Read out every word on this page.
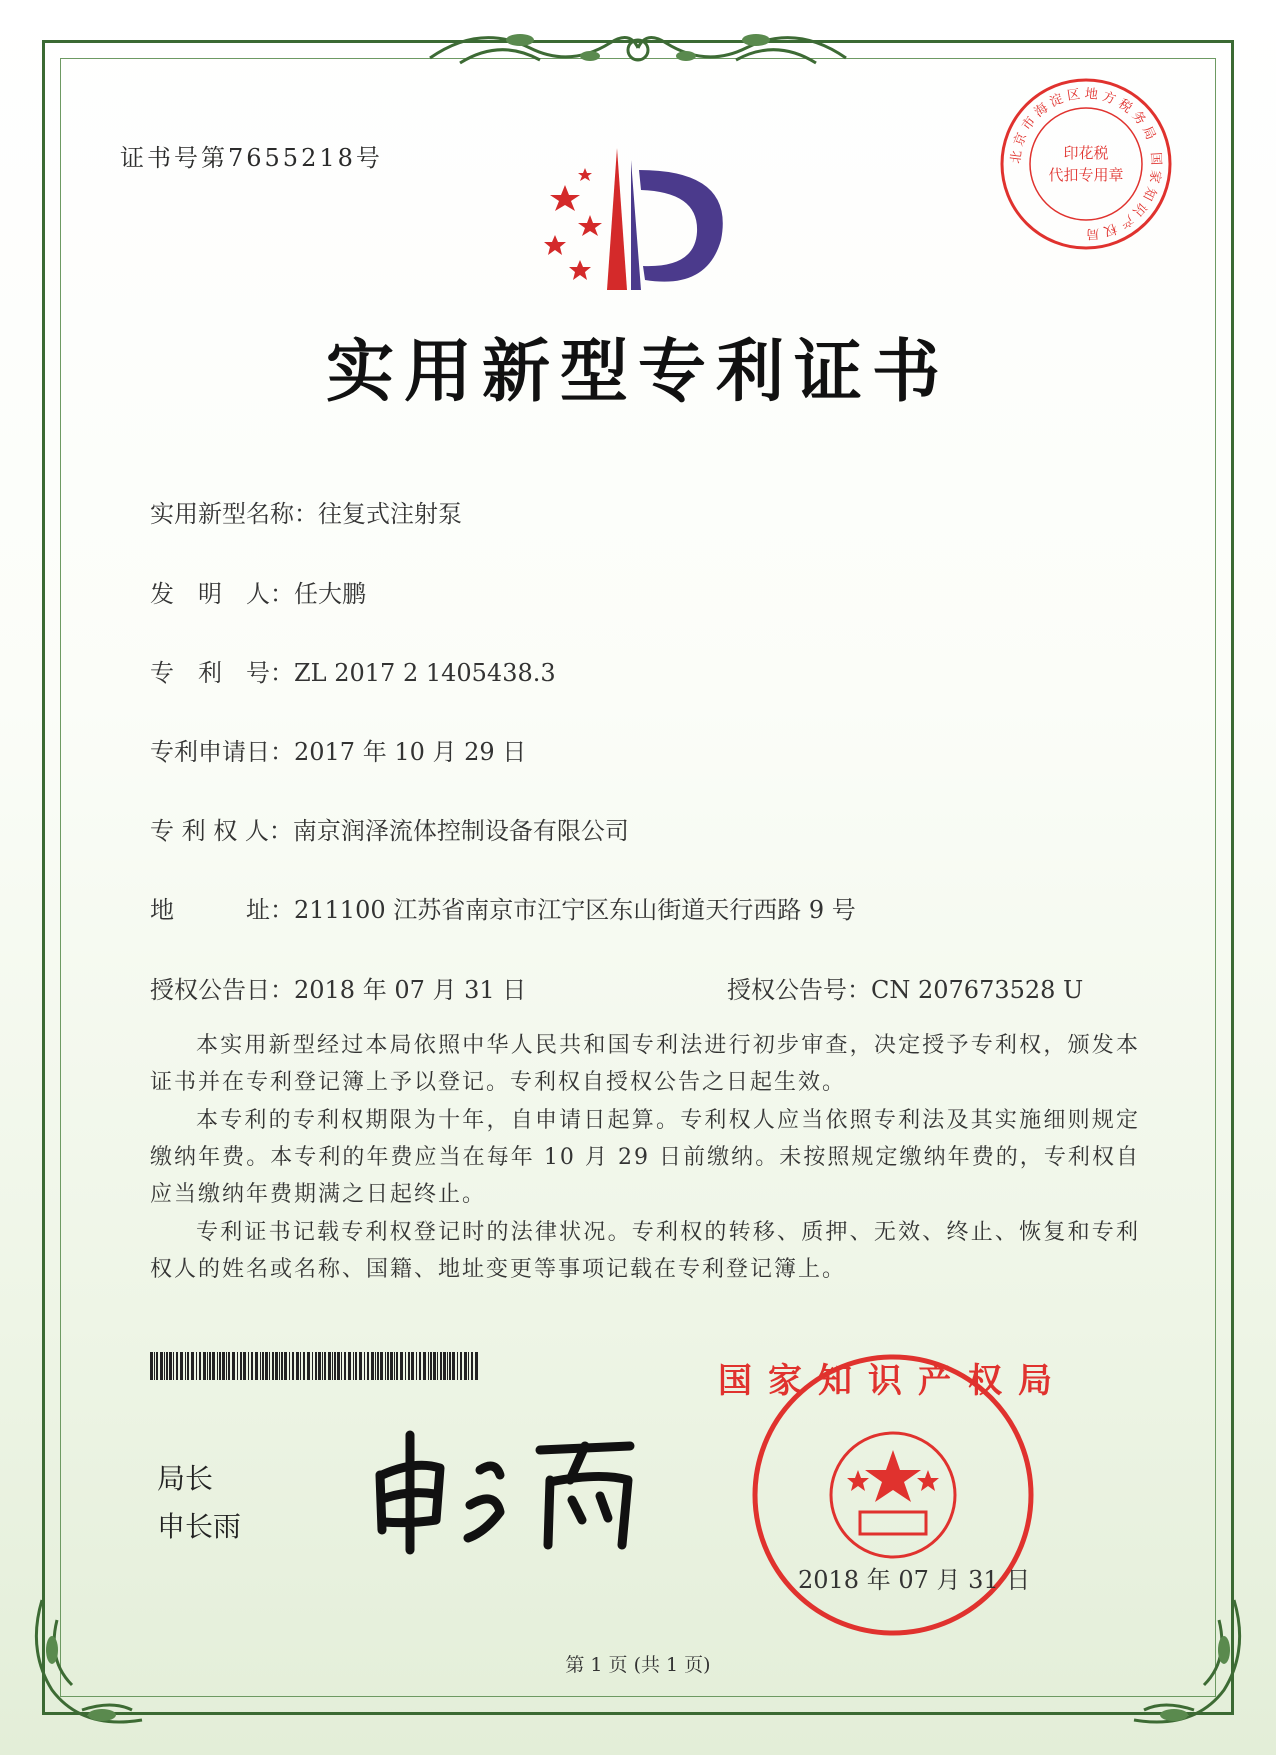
证书号第7655218号	北京市海淀区地方税务局 国家知识产权局
印花税
代扣专用章
实用新型专利证书
实用新型名称：往复式注射泵
发　明　人：任大鹏
专　利　号：ZL 2017 2 1405438.3
专利申请日：2017 年 10 月 29 日
专 利 权 人：南京润泽流体控制设备有限公司
地　　　址：211100 江苏省南京市江宁区东山街道天行西路 9 号
授权公告日：2018 年 07 月 31 日	授权公告号：CN 207673528 U
本实用新型经过本局依照中华人民共和国专利法进行初步审查，决定授予专利权，颁发本证书并在专利登记簿上予以登记。专利权自授权公告之日起生效。
本专利的专利权期限为十年，自申请日起算。专利权人应当依照专利法及其实施细则规定缴纳年费。本专利的年费应当在每年 10 月 29 日前缴纳。未按照规定缴纳年费的，专利权自应当缴纳年费期满之日起终止。
专利证书记载专利权登记时的法律状况。专利权的转移、质押、无效、终止、恢复和专利权人的姓名或名称、国籍、地址变更等事项记载在专利登记簿上。
局长
申长雨
国家知识产权局
2018 年 07 月 31 日
第 1 页 (共 1 页)
